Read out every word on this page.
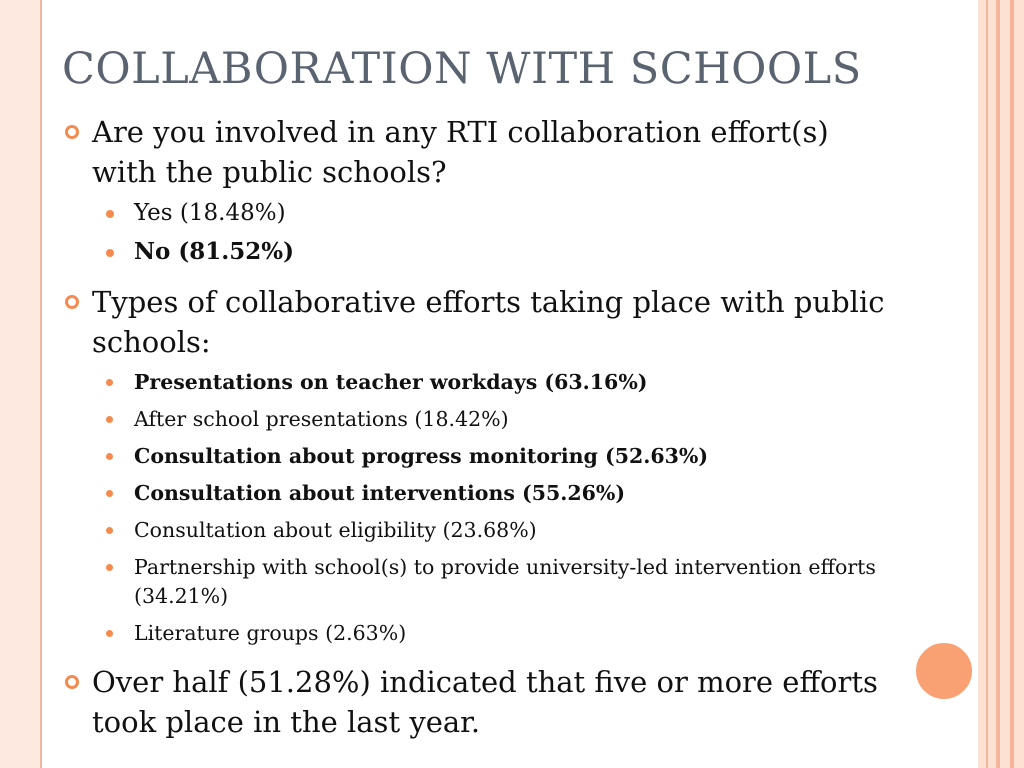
COLLABORATION WITH SCHOOLS
Are you involved in any RTI collaboration effort(s) with the public schools?
Yes (18.48%)
No (81.52%)
Types of collaborative efforts taking place with public schools:
Presentations on teacher workdays (63.16%)
After school presentations (18.42%)
Consultation about progress monitoring (52.63%)
Consultation about interventions (55.26%)
Consultation about eligibility (23.68%)
Partnership with school(s) to provide university-led intervention efforts (34.21%)
Literature groups (2.63%)
Over half (51.28%) indicated that five or more efforts took place in the last year.
